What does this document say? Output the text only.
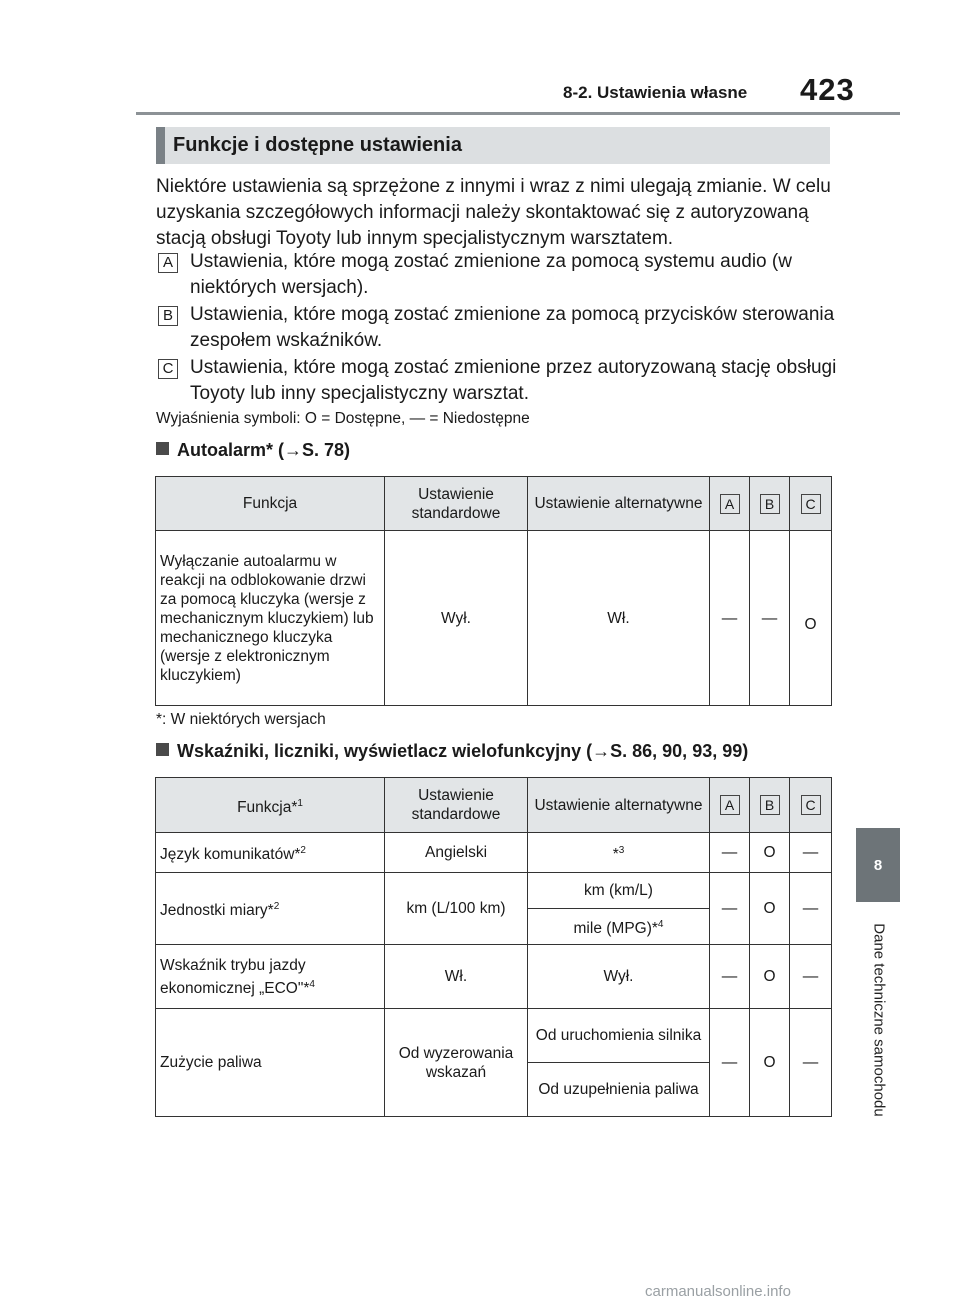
8-2. Ustawienia własne 423
8
Dane techniczne samochodu
Funkcje i dostępne ustawienia
Niektóre ustawienia są sprzężone z innymi i wraz z nimi ulegają zmianie. W celu uzyskania szczegółowych informacji należy skontaktować się z autoryzowaną stacją obsługi Toyoty lub innym specjalistycznym warsztatem.
A Ustawienia, które mogą zostać zmienione za pomocą systemu audio (w niektórych wersjach).
B Ustawienia, które mogą zostać zmienione za pomocą przycisków sterowania zespołem wskaźników.
C Ustawienia, które mogą zostać zmienione przez autoryzowaną stację obsługi Toyoty lub inny specjalistyczny warsztat.
Wyjaśnienia symboli: O = Dostępne, — = Niedostępne
Autoalarm* (→S. 78)
Funkcja	Ustawienie standardowe	Ustawienie alternatywne	A	B	C
Wyłączanie autoalarmu w reakcji na odblokowanie drzwi za pomocą kluczyka (wersje z mechanicznym kluczykiem) lub mechanicznego kluczyka (wersje z elektronicznym kluczykiem)	Wył.	Wł.	—	—	O
*: W niektórych wersjach
Wskaźniki, liczniki, wyświetlacz wielofunkcyjny (→S. 86, 90, 93, 99)
Funkcja*$^1$	Ustawienie standardowe	Ustawienie alternatywne	A	B	C
Język komunikatów*$^2$	Angielski	*$^3$	—	O	—
Jednostki miary*$^2$	km (L/100 km)	km (km/L)	—	O	—
		mile (MPG)*$^4$
Wskaźnik trybu jazdy ekonomicznej „ECO"*$^4$	Wł.	Wył.	—	O	—
Zużycie paliwa	Od wyzerowania wskazań	Od uruchomienia silnika	—	O	—
		Od uzupełnienia paliwa			
carmanualsonline.info
